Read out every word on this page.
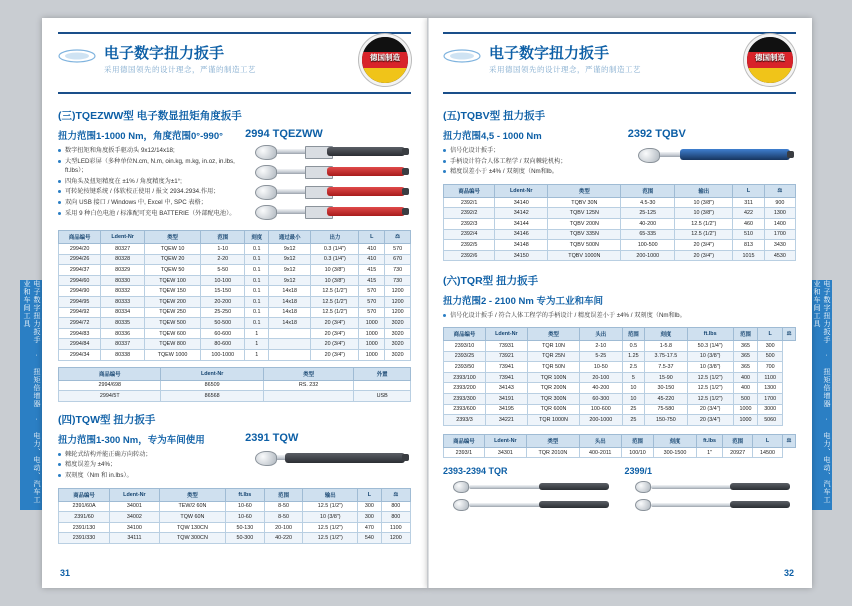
电子数字扭力扳手 · 扭矩倍增器 · 电力、电动、汽车工业和车间工具	电子数字扭力扳手 · 扭矩倍增器 · 电力、电动、汽车工业和车间工具
电子数字扭力扳手
采用德国领先的设计理念，严谨的制造工艺
德国制造
(三)TQEZWW型 电子数显扭矩角度扳手
扭力范围1-1000 Nm，角度范围0°-990°
数字扭矩和角度扳手驱动头 9x12/14x18;
大型LED彩屏（多种单位N.cm, N.m, oin.kg, m.kg, in.oz, in.lbs, ft.lbs）；
四角头及扭矩精度在 ±1% / 角度精度为±1°;
可转轮按键系统 / 体软校正使用 / 报文 2934.2934.作用；
双向 USB 接口 / Windows 中, Excel 中, SPC 表格；
采用 9 种白色电池 / 标准配可充电 BATTERIE（外部配电池）。
2994 TQEZWW
商品编号	Ldent-Nr	类型	范围	刻度	通过最小	出力	L	⚖
2994/20	80327	TQEW 10	1-10	0.1	9x12	0.3 (1/4")	410	570
2994/26	80328	TQEW 20	2-20	0.1	9x12	0.3 (1/4")	410	670
2994/37	80329	TQEW 50	5-50	0.1	9x12	10 (3/8")	415	730
2994/60	80330	TQEW 100	10-100	0.1	9x12	10 (3/8")	415	730
2994/90	80332	TQEW 150	15-150	0.1	14x18	12.5 (1/2")	570	1200
2994/95	80333	TQEW 200	20-200	0.1	14x18	12.5 (1/2")	570	1200
2994/92	80334	TQEW 250	25-250	0.1	14x18	12.5 (1/2")	570	1200
2994/72	80335	TQEW 500	50-500	0.1	14x18	20 (3/4")	1000	3020
2994/83	80336	TQEW 600	60-600	1		20 (3/4")	1000	3020
2994/84	80337	TQEW 800	80-600	1		20 (3/4")	1000	3020
2994/34	80338	TQEW 1000	100-1000	1		20 (3/4")	1000	3020
商品编号	Ldent-Nr	类型	外置
2994/698	86509	RS. 232	
2994/5T	86568		USB
(四)TQW型 扭力扳手
扭力范围1-300 Nm，专为车间使用
棘轮式结构并能正确方向转动；
精度误差为 ±4%；
双刻度（Nm 和 in.lbs）。
2391 TQW
商品编号	Ldent-Nr	类型	ft.lbs	范围	输出	L	⚖
2391/60A	34001	TEW/2 60N	10-60	8-50	12.5 (1/2")	300	800
2391/60	34002	TQW 60N	10-60	8-50	10 (3/8")	300	800
2391/130	34100	TQW 130CN	50-130	20-100	12.5 (1/2")	470	1100
2391/330	34111	TQW 300CN	50-300	40-220	12.5 (1/2")	540	1200
31
电子数字扭力扳手
采用德国领先的设计理念，严谨的制造工艺
德国制造
(五)TQBV型 扭力扳手
扭力范围4,5 - 1000 Nm
信号化设计扳手；
手柄设计符合人体工程学 / 双向棘轮机构；
精度误差小于 ±4% / 双刻度（Nm和lb。
2392 TQBV
商品编号	Ldent-Nr	类型	范围	输出	L	⚖
2392/1	34140	TQBV 30N	4.5-30	10 (3/8")	311	900
2392/2	34142	TQBV 125N	25-125	10 (3/8")	422	1300
2392/3	34144	TQBV 200N	40-200	12.5 (1/2")	460	1400
2392/4	34146	TQBV 335N	65-335	12.5 (1/2")	510	1700
2392/5	34148	TQBV 500N	100-500	20 (3/4")	813	3430
2392/6	34150	TQBV 1000N	200-1000	20 (3/4")	1015	4530
(六)TQR型 扭力扳手
扭力范围2 - 2100 Nm 专为工业和车间
信号化设计扳手 / 符合人体工程学的手柄设计 / 精度误差小于 ±4% / 双刻度（Nm和lb。
商品编号	Ldent-Nr	类型	头出	范围	刻度	ft.lbs	范围	L	⚖
2393/10	73931	TQR 10N	2-10	0.5	1-5.8	50.3 (1/4")	365	300	
2393/25	73921	TQR 25N	5-25	1.25	3.75-17.5	10 (3/8")	365	500	
2393/50	73941	TQR 50N	10-50	2.5	7.5-37	10 (3/8")	365	700	
2393/100	73941	TQR 100N	20-100	5	15-90	12.5 (1/2")	400	1100	
2393/200	34143	TQR 200N	40-200	10	30-150	12.5 (1/2")	400	1300	
2393/300	34191	TQR 300N	60-300	10	45-220	12.5 (1/2")	500	1700	
2393/600	34195	TQR 600N	100-600	25	75-580	20 (3/4")	1000	3000	
2393/3	34221	TQR 1000N	200-1000	25	150-750	20 (3/4")	1000	5060	
商品编号	Ldent-Nr	类型	头出	范围	刻度	ft.lbs	范围	L	⚖
2393/1	34301	TQR 2010N	400-2011	100/10	300-1500	1"	20927	14500	
2393-2394 TQR	2399/1
32
